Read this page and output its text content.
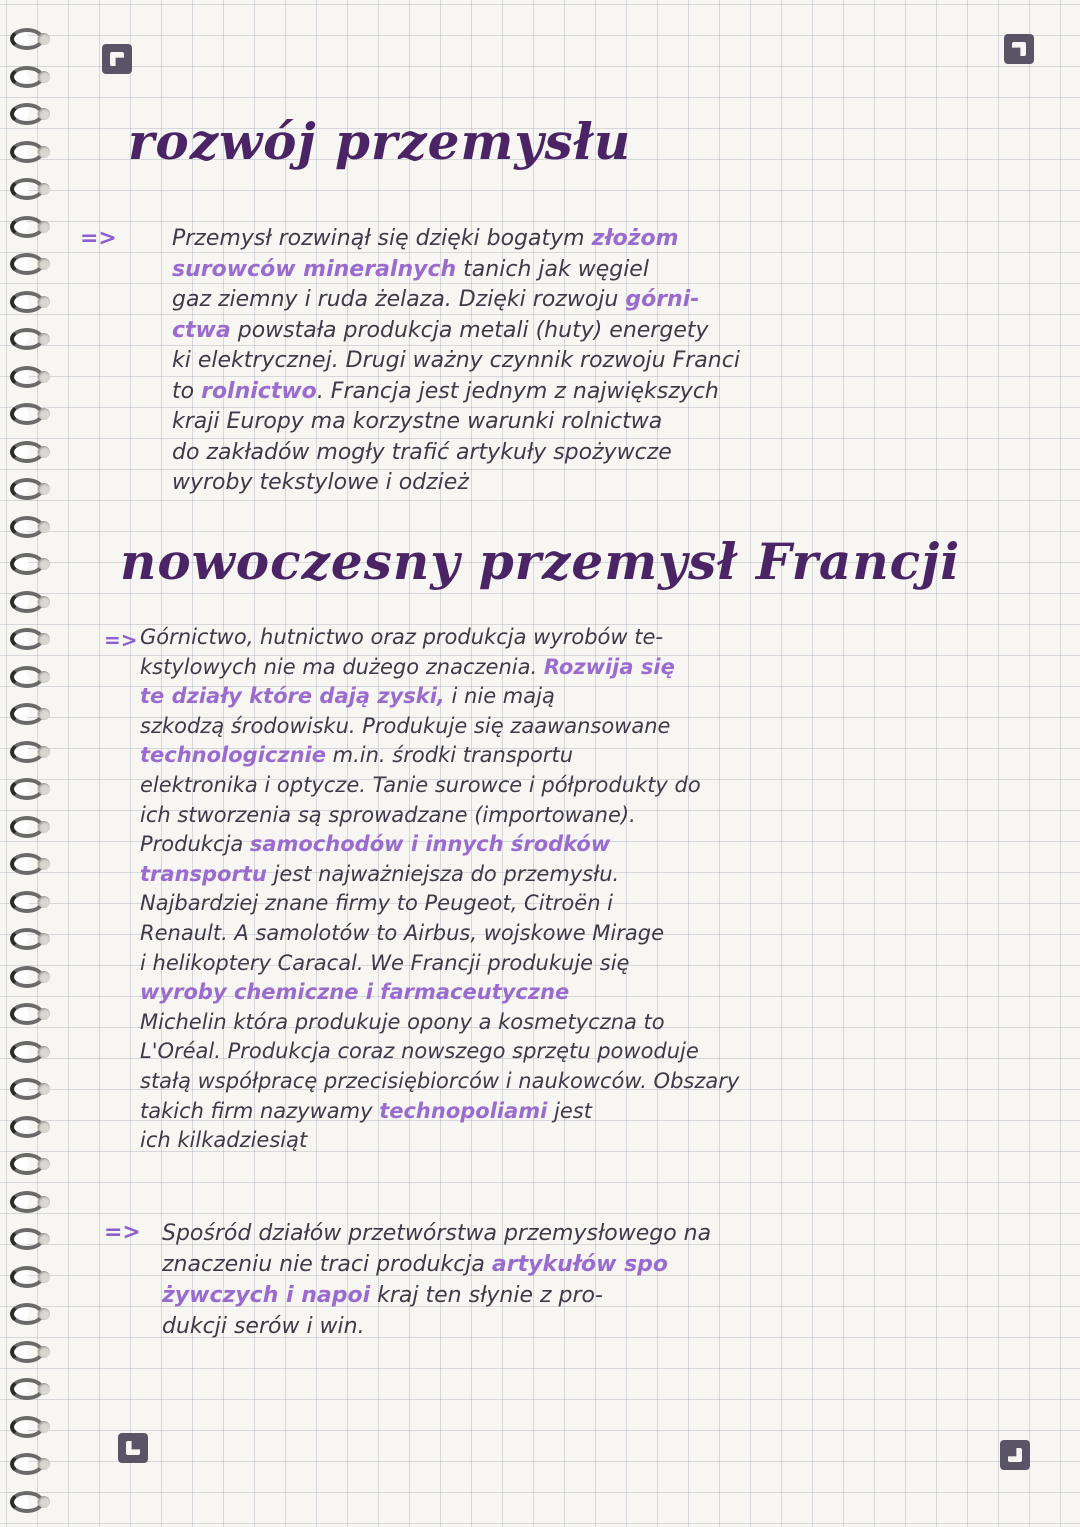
rozwój przemysłu
=>	Przemysł rozwinął się dzięki bogatym złożom
surowców mineralnych tanich jak węgiel
gaz ziemny i ruda żelaza. Dzięki rozwoju górni-
ctwa powstała produkcja metali (huty) energety
ki elektrycznej. Drugi ważny czynnik rozwoju Franci
to rolnictwo. Francja jest jednym z największych
kraji Europy ma korzystne warunki rolnictwa
do zakładów mogły trafić artykuły spożywcze
wyroby tekstylowe i odzież
nowoczesny przemysł Francji
=> Górnictwo, hutnictwo oraz produkcja wyrobów te-
kstylowych nie ma dużego znaczenia. Rozwija się
te działy które dają zyski, i nie mają
szkodzą środowisku. Produkuje się zaawansowane
technologicznie m.in. środki transportu
elektronika i optycze. Tanie surowce i półprodukty do
ich stworzenia są sprowadzane (importowane).
Produkcja samochodów i innych środków
transportu jest najważniejsza do przemysłu.
Najbardziej znane firmy to Peugeot, Citroën i
Renault. A samolotów to Airbus, wojskowe Mirage
i helikoptery Caracal. We Francji produkuje się
wyroby chemiczne i farmaceutyczne
Michelin która produkuje opony a kosmetyczna to
L'Oréal. Produkcja coraz nowszego sprzętu powoduje
stałą współpracę przecisiębiorców i naukowców. Obszary
takich firm nazywamy technopoliami jest
ich kilkadziesiąt
=> Spośród działów przetwórstwa przemysłowego na
znaczeniu nie traci produkcja artykułów spo
żywczych i napoi kraj ten słynie z pro-
dukcji serów i win.
